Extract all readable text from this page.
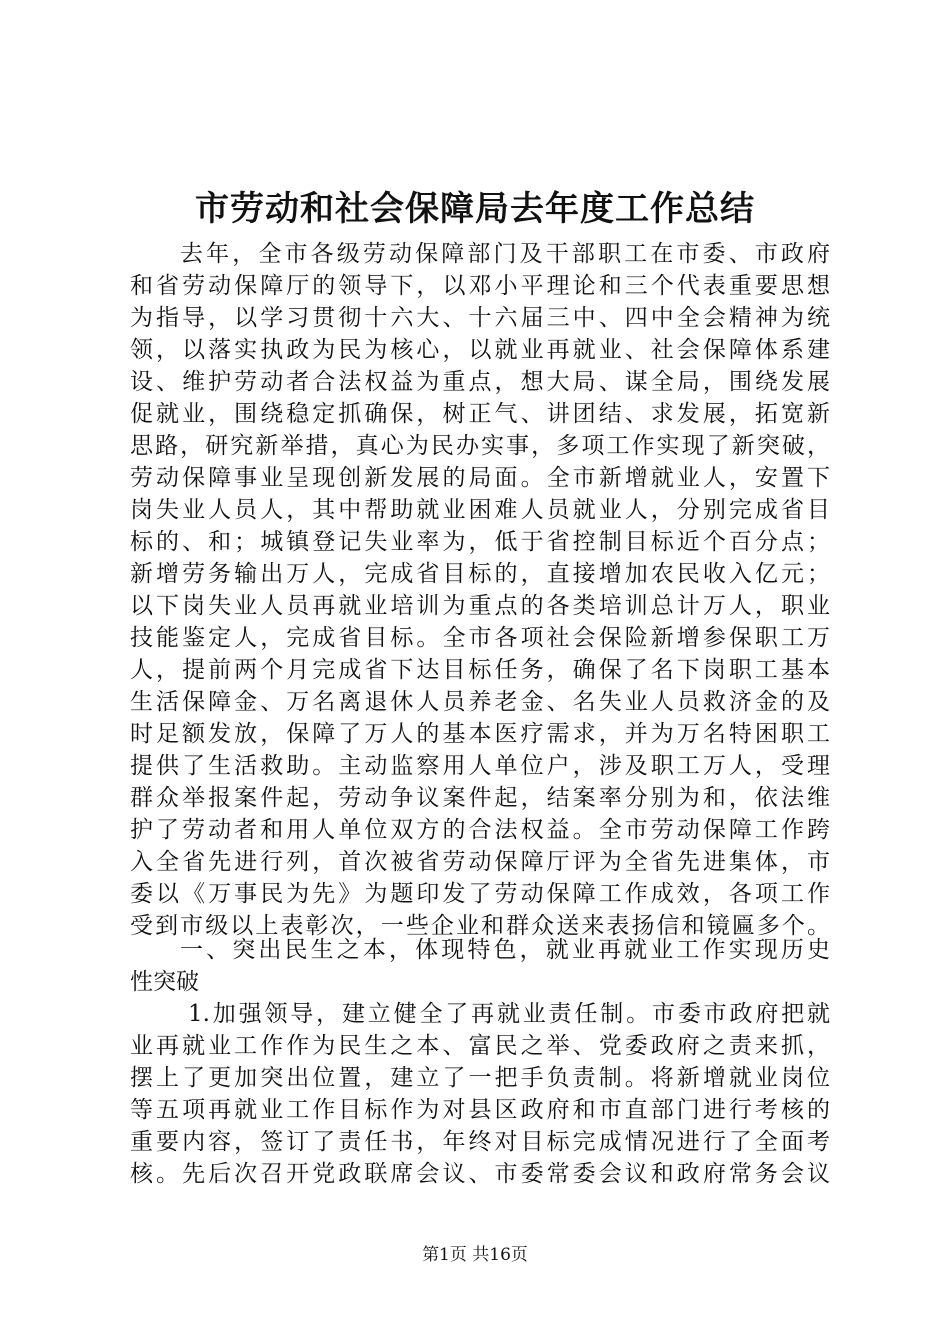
市劳动和社会保障局去年度工作总结
去年，全市各级劳动保障部门及干部职工在市委、市政府
和省劳动保障厅的领导下，以邓小平理论和三个代表重要思想
为指导，以学习贯彻十六大、十六届三中、四中全会精神为统
领，以落实执政为民为核心，以就业再就业、社会保障体系建
设、维护劳动者合法权益为重点，想大局、谋全局，围绕发展
促就业，围绕稳定抓确保，树正气、讲团结、求发展，拓宽新
思路，研究新举措，真心为民办实事，多项工作实现了新突破，
劳动保障事业呈现创新发展的局面。全市新增就业人，安置下
岗失业人员人，其中帮助就业困难人员就业人，分别完成省目
标的、和；城镇登记失业率为，低于省控制目标近个百分点；
新增劳务输出万人，完成省目标的，直接增加农民收入亿元；
以下岗失业人员再就业培训为重点的各类培训总计万人，职业
技能鉴定人，完成省目标。全市各项社会保险新增参保职工万
人，提前两个月完成省下达目标任务，确保了名下岗职工基本
生活保障金、万名离退休人员养老金、名失业人员救济金的及
时足额发放，保障了万人的基本医疗需求，并为万名特困职工
提供了生活救助。主动监察用人单位户，涉及职工万人，受理
群众举报案件起，劳动争议案件起，结案率分别为和，依法维
护了劳动者和用人单位双方的合法权益。全市劳动保障工作跨
入全省先进行列，首次被省劳动保障厅评为全省先进集体，市
委以《万事民为先》为题印发了劳动保障工作成效，各项工作
受到市级以上表彰次，一些企业和群众送来表扬信和镜匾多个。
一、突出民生之本，体现特色，就业再就业工作实现历史
性突破
1.加强领导，建立健全了再就业责任制。市委市政府把就
业再就业工作作为民生之本、富民之举、党委政府之责来抓，
摆上了更加突出位置，建立了一把手负责制。将新增就业岗位
等五项再就业工作目标作为对县区政府和市直部门进行考核的
重要内容，签订了责任书，年终对目标完成情况进行了全面考
核。先后次召开党政联席会议、市委常委会议和政府常务会议
第1页 共16页
